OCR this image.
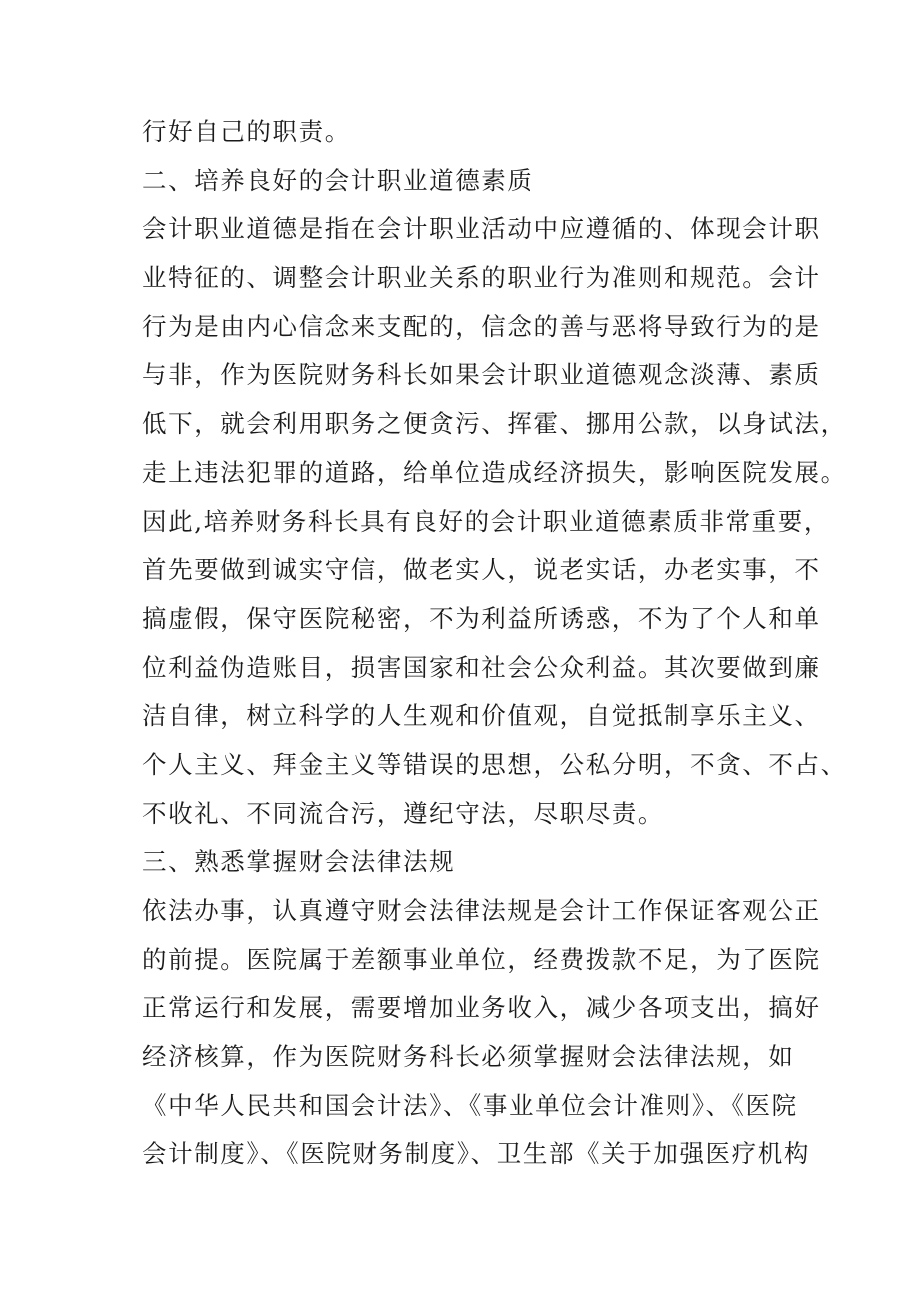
行好自己的职责。
二、培养良好的会计职业道德素质
会计职业道德是指在会计职业活动中应遵循的、体现会计职
业特征的、调整会计职业关系的职业行为准则和规范。会计
行为是由内心信念来支配的，信念的善与恶将导致行为的是
与非，作为医院财务科长如果会计职业道德观念淡薄、素质
低下，就会利用职务之便贪污、挥霍、挪用公款，以身试法，
走上违法犯罪的道路，给单位造成经济损失，影响医院发展。
因此,培养财务科长具有良好的会计职业道德素质非常重要，
首先要做到诚实守信，做老实人，说老实话，办老实事，不
搞虚假，保守医院秘密，不为利益所诱惑，不为了个人和单
位利益伪造账目，损害国家和社会公众利益。其次要做到廉
洁自律，树立科学的人生观和价值观，自觉抵制享乐主义、
个人主义、拜金主义等错误的思想，公私分明，不贪、不占、
不收礼、不同流合污，遵纪守法，尽职尽责。
三、熟悉掌握财会法律法规
依法办事，认真遵守财会法律法规是会计工作保证客观公正
的前提。医院属于差额事业单位，经费拨款不足，为了医院
正常运行和发展，需要增加业务收入，减少各项支出，搞好
经济核算，作为医院财务科长必须掌握财会法律法规，如
《中华人民共和国会计法》、《事业单位会计准则》、《医院
会计制度》、《医院财务制度》、卫生部《关于加强医疗机构
